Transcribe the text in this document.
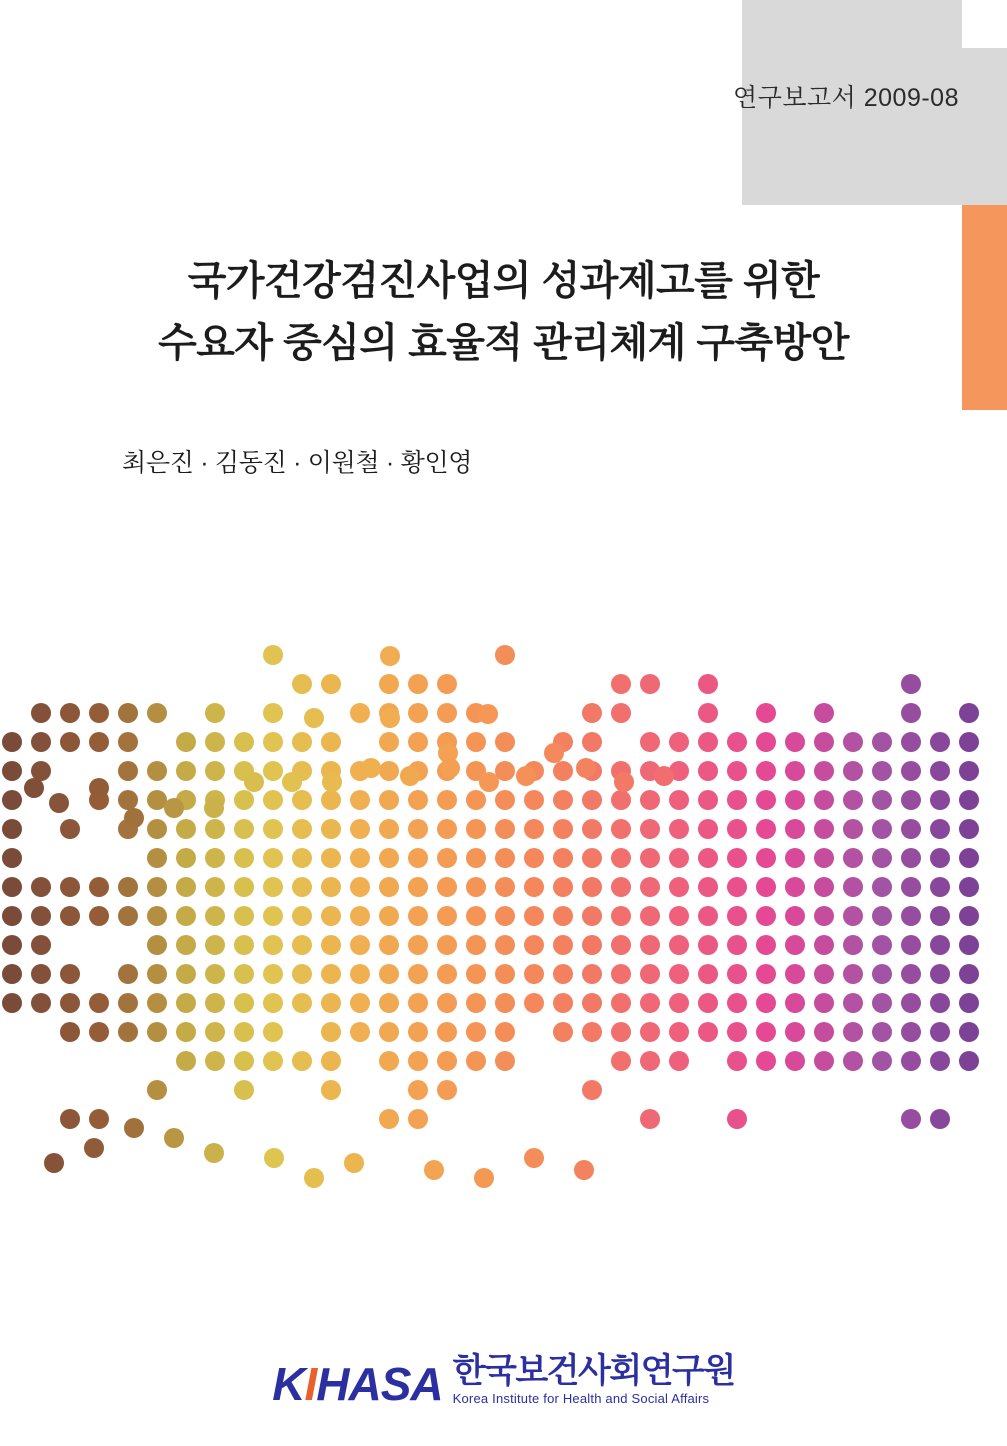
연구보고서 2009-08
국가건강검진사업의 성과제고를 위한
수요자 중심의 효율적 관리체계 구축방안
최은진 · 김동진 · 이원철 · 황인영
KIHASA 한국보건사회연구원
Korea Institute for Health and Social Affairs
